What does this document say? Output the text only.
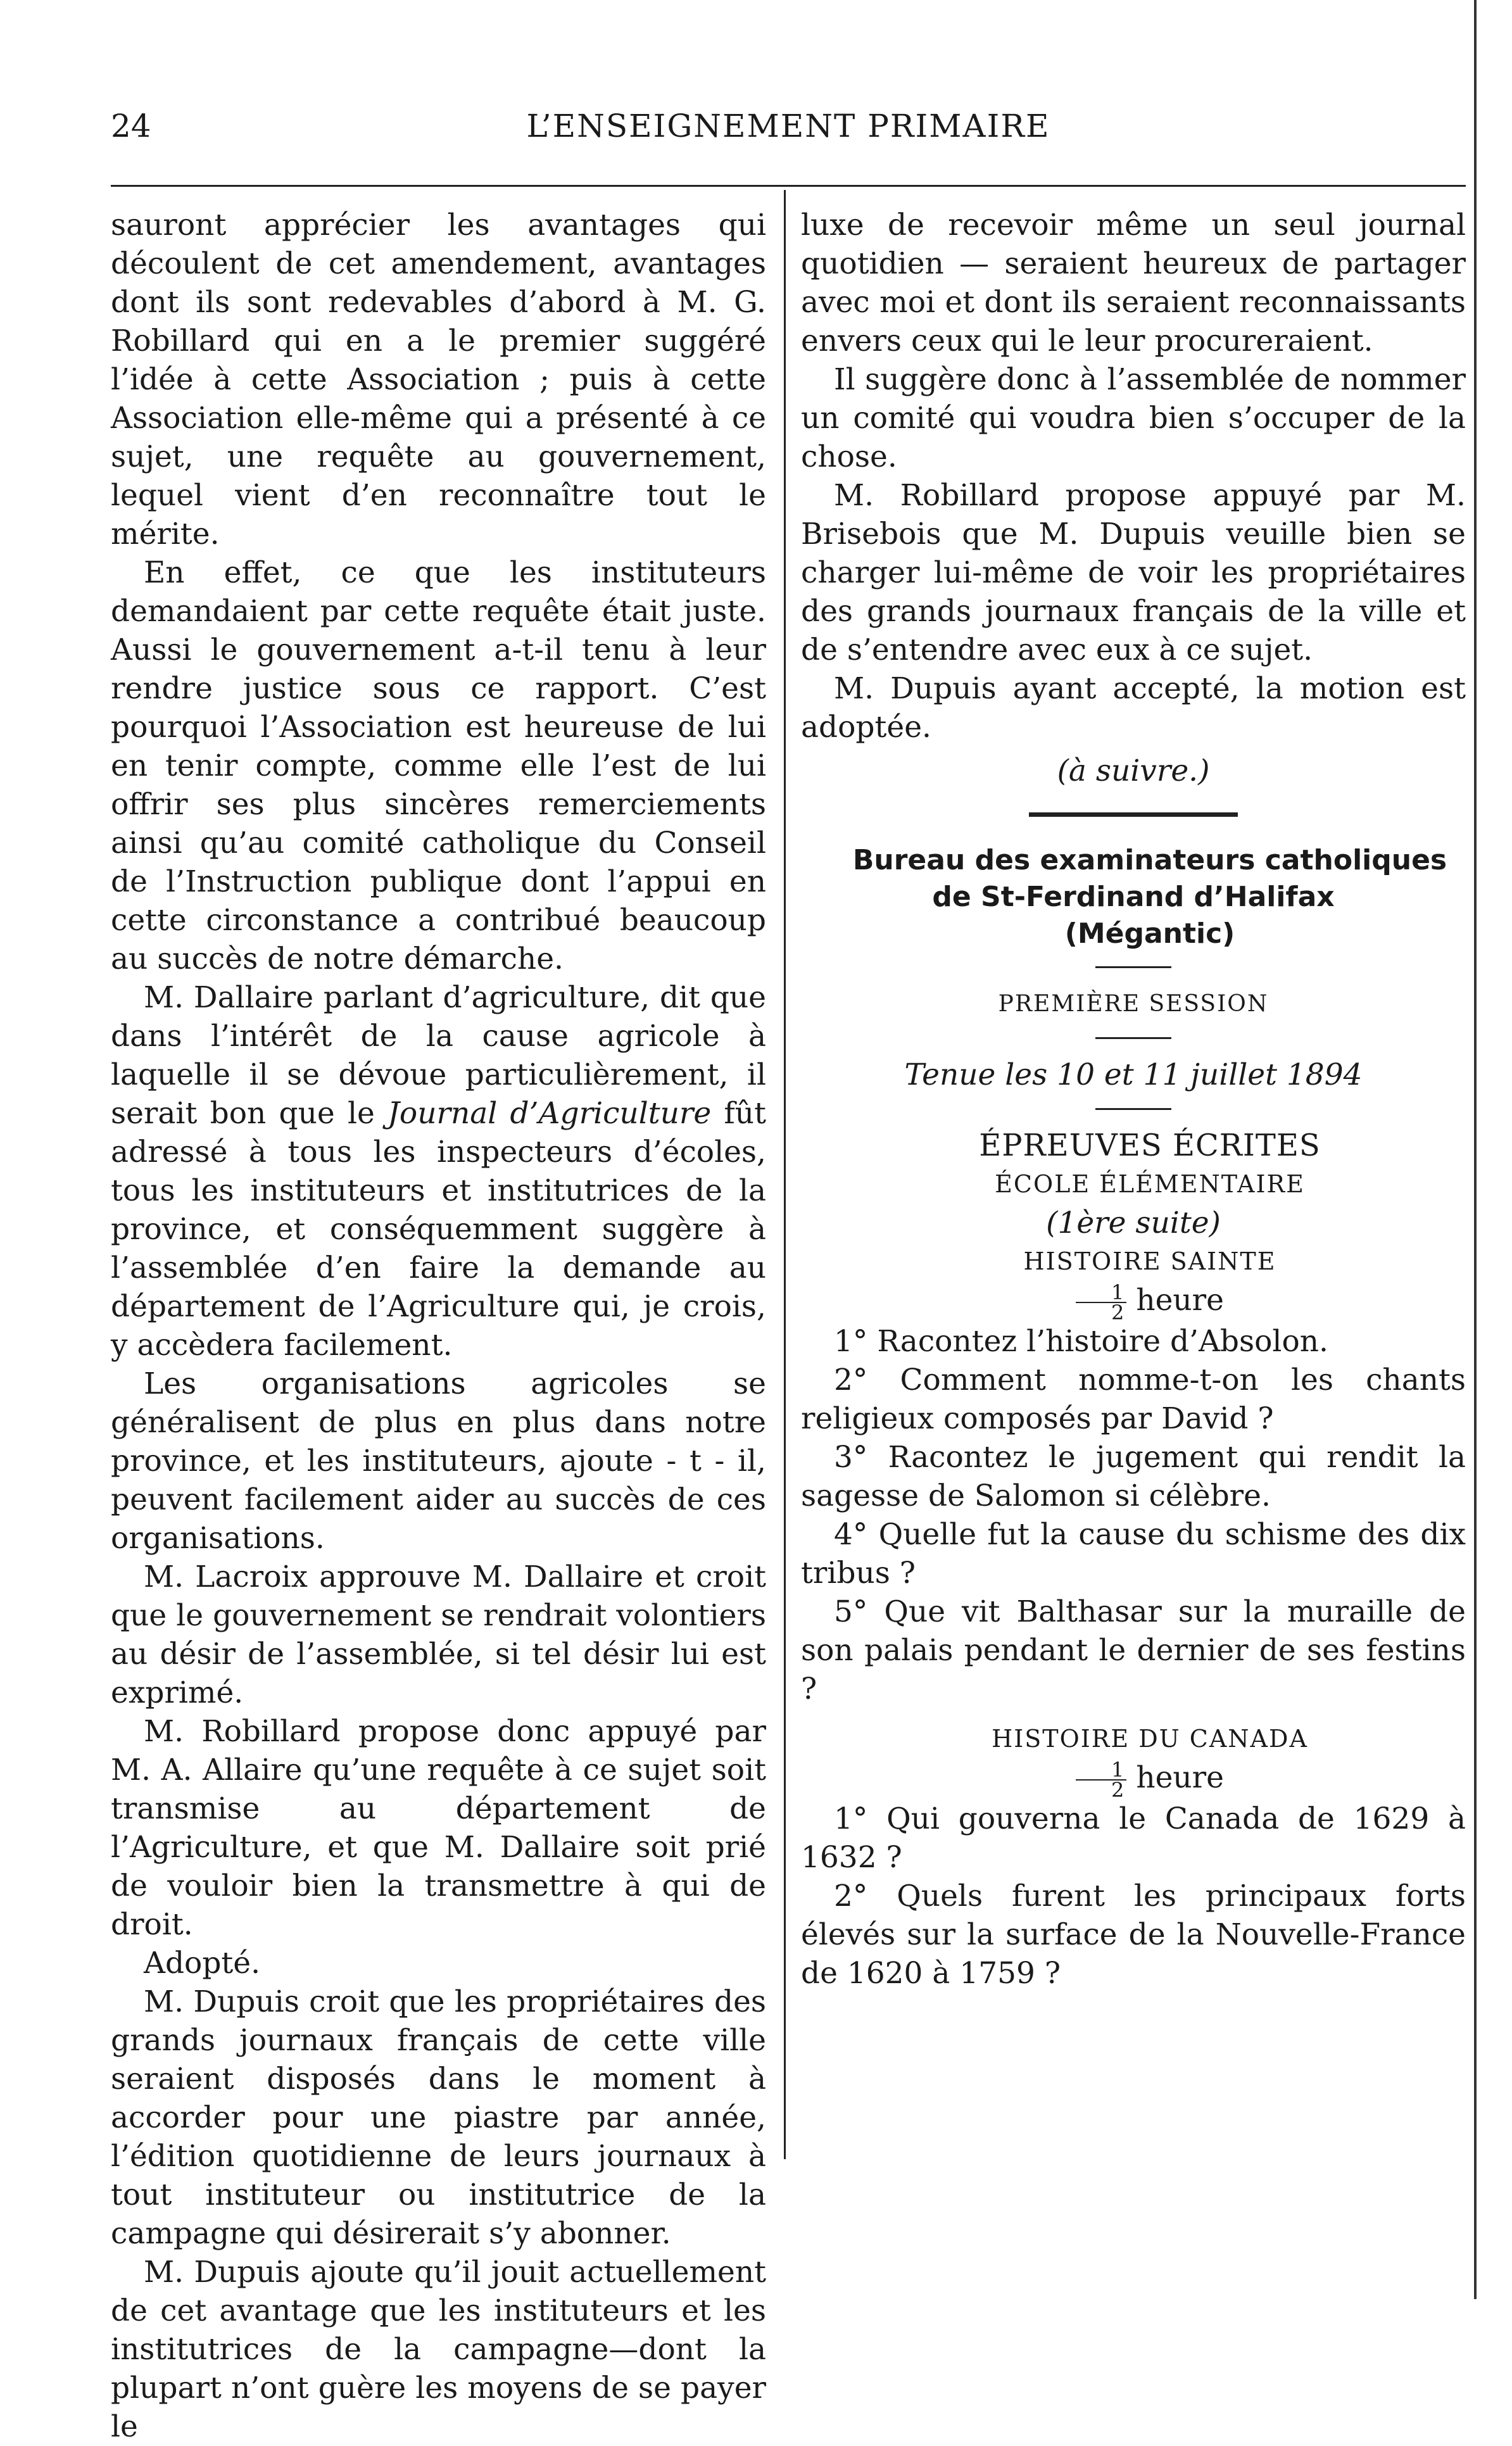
24	L’ENSEIGNEMENT PRIMAIRE

sauront apprécier les avantages qui découlent de cet amendement, avantages dont ils sont redevables d’abord à M. G. Robillard qui en a le premier suggéré l’idée à cette Association ; puis à cette Association elle-même qui a présenté à ce sujet, une requête au gouvernement, lequel vient d’en reconnaître tout le mérite.

En effet, ce que les instituteurs demandaient par cette requête était juste. Aussi le gouvernement a-t-il tenu à leur rendre justice sous ce rapport. C’est pourquoi l’Association est heureuse de lui en tenir compte, comme elle l’est de lui offrir ses plus sincères remerciements ainsi qu’au comité catholique du Conseil de l’Instruction publique dont l’appui en cette circonstance a contribué beaucoup au succès de notre démarche.

M. Dallaire parlant d’agriculture, dit que dans l’intérêt de la cause agricole à laquelle il se dévoue particulièrement, il serait bon que le Journal d’Agriculture fût adressé à tous les inspecteurs d’écoles, tous les instituteurs et institutrices de la province, et conséquemment suggère à l’assemblée d’en faire la demande au département de l’Agriculture qui, je crois, y accèdera facilement.

Les organisations agricoles se généralisent de plus en plus dans notre province, et les instituteurs, ajoute - t - il, peuvent facilement aider au succès de ces organisations.

M. Lacroix approuve M. Dallaire et croit que le gouvernement se rendrait volontiers au désir de l’assemblée, si tel désir lui est exprimé.

M. Robillard propose donc appuyé par M. A. Allaire qu’une requête à ce sujet soit transmise au département de l’Agriculture, et que M. Dallaire soit prié de vouloir bien la transmettre à qui de droit.

Adopté.

M. Dupuis croit que les propriétaires des grands journaux français de cette ville seraient disposés dans le moment à accorder pour une piastre par année, l’édition quotidienne de leurs journaux à tout instituteur ou institutrice de la campagne qui désirerait s’y abonner.

M. Dupuis ajoute qu’il jouit actuellement de cet avantage que les instituteurs et les institutrices de la campagne—dont la plupart n’ont guère les moyens de se payer le

luxe de recevoir même un seul journal quotidien — seraient heureux de partager avec moi et dont ils seraient reconnaissants envers ceux qui le leur procureraient.

Il suggère donc à l’assemblée de nommer un comité qui voudra bien s’occuper de la chose.

M. Robillard propose appuyé par M. Brisebois que M. Dupuis veuille bien se charger lui-même de voir les propriétaires des grands journaux français de la ville et de s’entendre avec eux à ce sujet.

M. Dupuis ayant accepté, la motion est adoptée.

(à suivre.)

Bureau des examinateurs catholiques de St-Ferdinand d’Halifax

(Mégantic)

PREMIÈRE SESSION

Tenue les 10 et 11 juillet 1894

ÉPREUVES ÉCRITES

ÉCOLE ÉLÉMENTAIRE

(1ère suite)

HISTOIRE SAINTE

$\frac{1}{2}$ heure

1° Racontez l’histoire d’Absolon.

2° Comment nomme-t-on les chants religieux composés par David ?

3° Racontez le jugement qui rendit la sagesse de Salomon si célèbre.

4° Quelle fut la cause du schisme des dix tribus ?

5° Que vit Balthasar sur la muraille de son palais pendant le dernier de ses festins ?

HISTOIRE DU CANADA

$\frac{1}{2}$ heure

1° Qui gouverna le Canada de 1629 à 1632 ?

2° Quels furent les principaux forts élevés sur la surface de la Nouvelle-France de 1620 à 1759 ?
